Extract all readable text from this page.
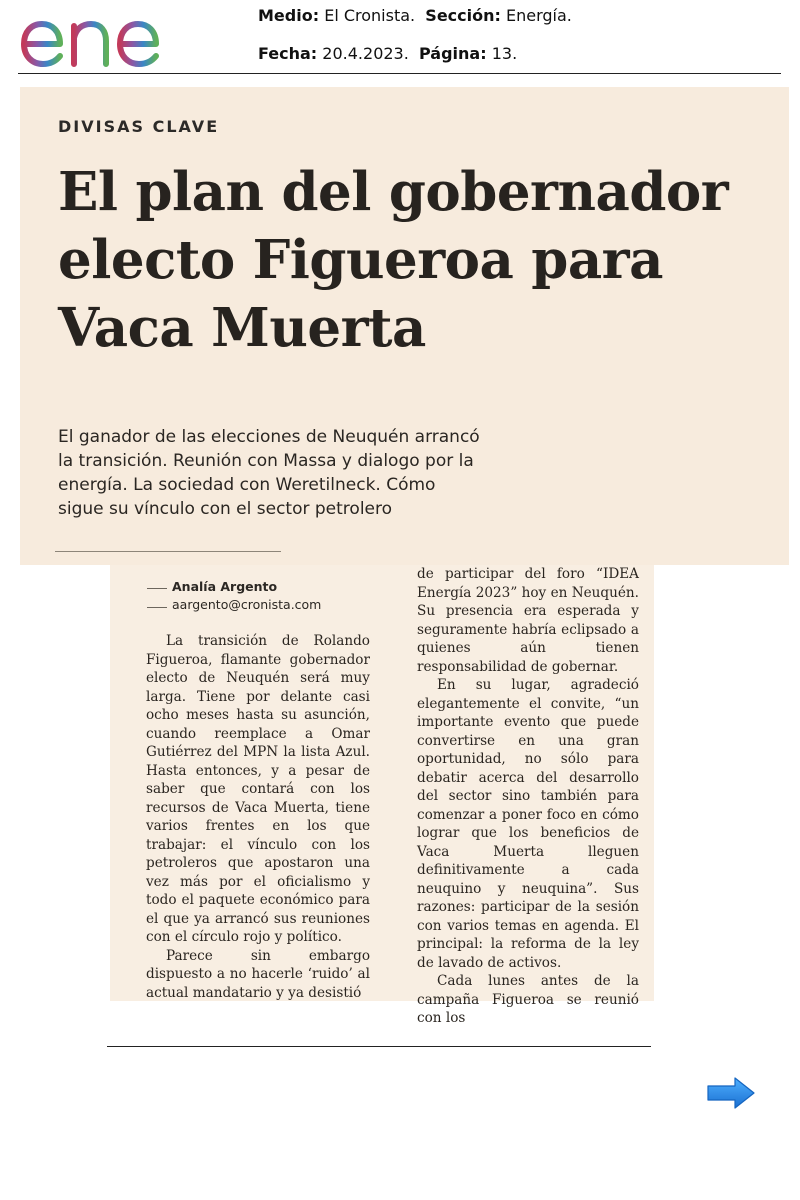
Medio: El Cronista. Sección: Energía.
Fecha: 20.4.2023. Página: 13.
DIVISAS CLAVE
El plan del gobernador
electo Figueroa para
Vaca Muerta
El ganador de las elecciones de Neuquén arrancó
la transición. Reunión con Massa y dialogo por la
energía. La sociedad con Weretilneck. Cómo
sigue su vínculo con el sector petrolero
Analía Argento
aargento@cronista.com

La transición de Rolando Figueroa, flamante gobernador electo de Neuquén será muy larga. Tiene por delante casi ocho meses hasta su asunción, cuando reemplace a Omar Gutiérrez del MPN la lista Azul. Hasta entonces, y a pesar de saber que contará con los recursos de Vaca Muerta, tiene varios frentes en los que trabajar: el vínculo con los petroleros que apostaron una vez más por el oficialismo y todo el paquete económico para el que ya arrancó sus reuniones con el círculo rojo y político.

Parece sin embargo dispuesto a no hacerle ‘ruido’ al actual mandatario y ya desistió

de participar del foro “IDEA Energía 2023” hoy en Neuquén. Su presencia era esperada y seguramente habría eclipsado a quienes aún tienen responsabilidad de gobernar.

En su lugar, agradeció elegantemente el convite, “un importante evento que puede convertirse en una gran oportunidad, no sólo para debatir acerca del desarrollo del sector sino también para comenzar a poner foco en cómo lograr que los beneficios de Vaca Muerta lleguen definitivamente a cada neuquino y neuquina”. Sus razones: participar de la sesión con varios temas en agenda. El principal: la reforma de la ley de lavado de activos.

Cada lunes antes de la campaña Figueroa se reunió con los
